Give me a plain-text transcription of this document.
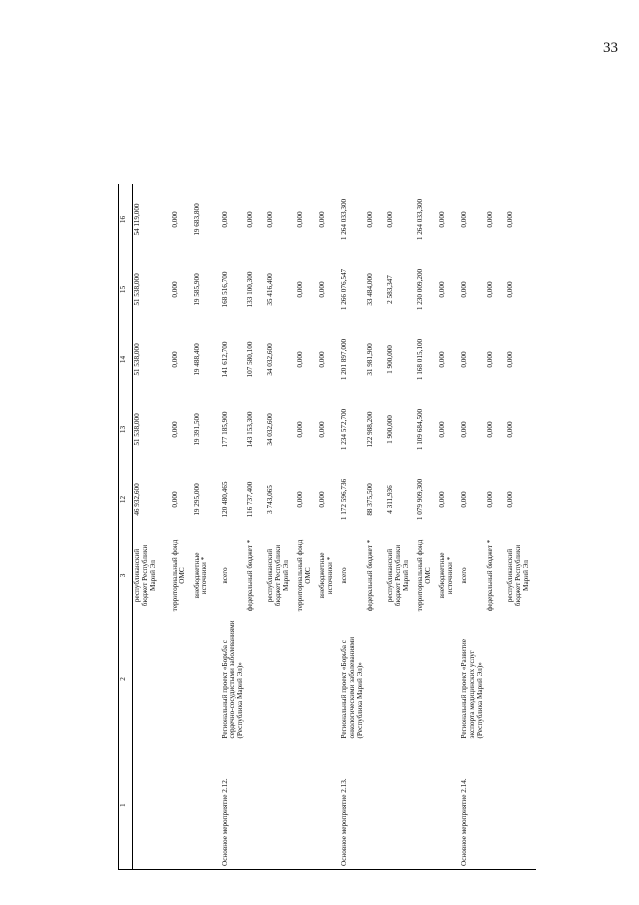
33
1	2	3	12	13	14	15	16
		республиканский бюджет Республики Марий Эл	46 932,600	51 538,000	51 538,000	51 538,000	54 119,000
		территориальный фонд ОМС	0,000	0,000	0,000	0,000	0,000
		внебюджетные источники *	19 295,000	19 391,500	19 488,400	19 585,900	19 683,800
Основное мероприятие 2.12.	Региональный проект «Борьба с сердечно-сосудистыми заболеваниями (Республика Марий Эл)»	всего	120 480,465	177 185,900	141 612,700	168 516,700	0,000
		федеральный бюджет *	116 737,400	143 153,300	107 580,100	133 100,300	0,000
		республиканский бюджет Республики Марий Эл	3 743,065	34 032,600	34 032,600	35 416,400	0,000
		территориальный фонд ОМС	0,000	0,000	0,000	0,000	0,000
		внебюджетные источники *	0,000	0,000	0,000	0,000	0,000
Основное мероприятие 2.13.	Региональный проект «Борьба с онкологическими заболеваниями (Республика Марий Эл)»	всего	1 172 596,736	1 234 572,700	1 201 897,000	1 266 076,547	1 264 033,300
		федеральный бюджет *	88 375,500	122 988,200	31 981,900	33 484,000	0,000
		республиканский бюджет Республики Марий Эл	4 311,936	1 900,000	1 900,000	2 583,347	0,000
		территориальный фонд ОМС	1 079 909,300	1 109 684,500	1 168 015,100	1 230 009,200	1 264 033,300
		внебюджетные источники *	0,000	0,000	0,000	0,000	0,000
Основное мероприятие 2.14.	Региональный проект «Развитие экспорта медицинских услуг (Республика Марий Эл)»	всего	0,000	0,000	0,000	0,000	0,000
		федеральный бюджет *	0,000	0,000	0,000	0,000	0,000
		республиканский бюджет Республики Марий Эл	0,000	0,000	0,000	0,000	0,000
